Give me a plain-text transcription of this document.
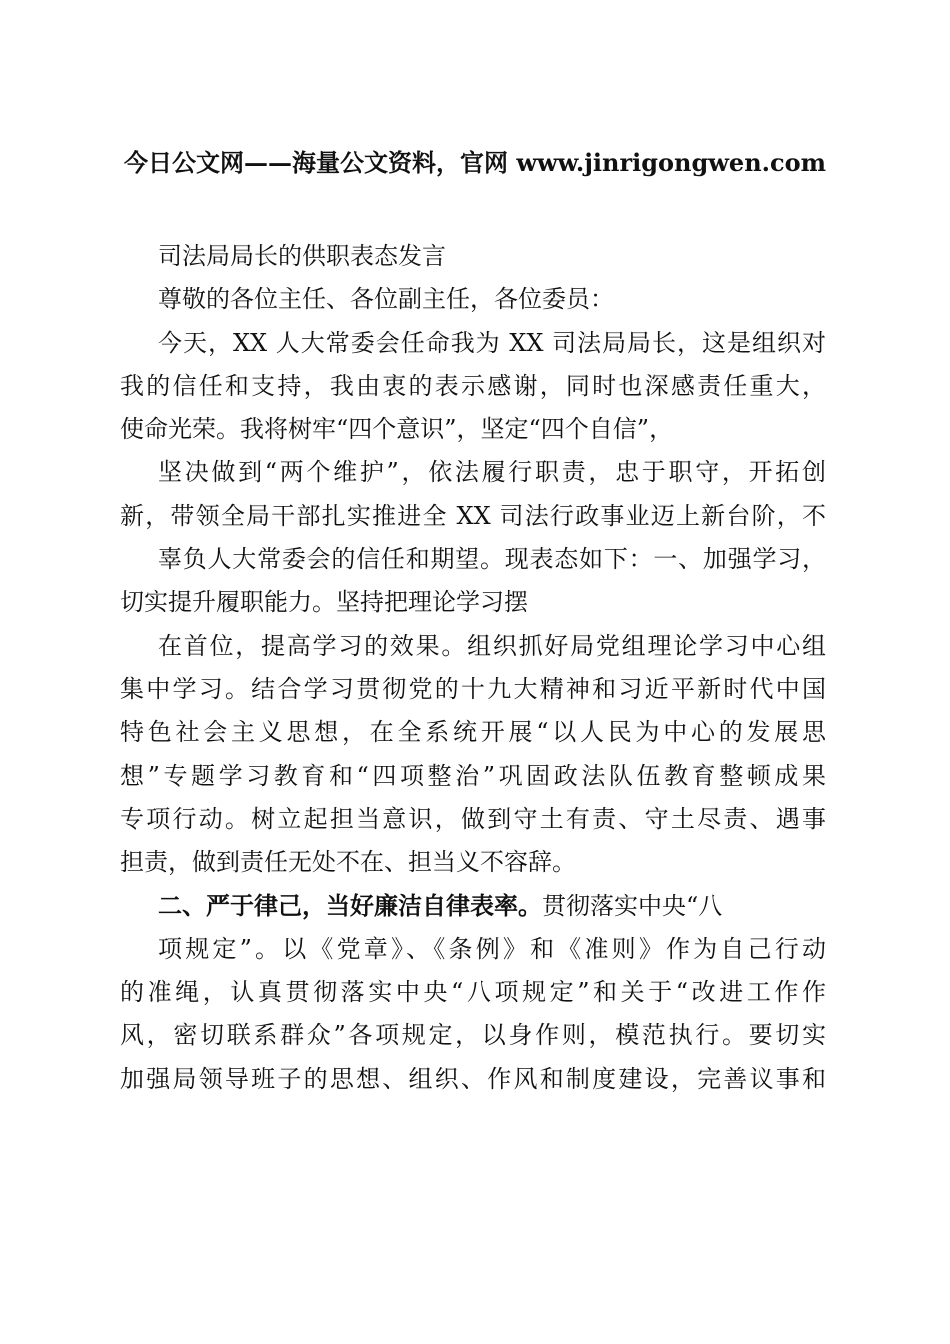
今日公文网——海量公文资料，官网 www.jinrigongwen.com
司法局局长的供职表态发言
尊敬的各位主任、各位副主任，各位委员：
今天，XX 人大常委会任命我为 XX 司法局局长，这是组织对
我的信任和支持，我由衷的表示感谢，同时也深感责任重大，
使命光荣。我将树牢“四个意识”，坚定“四个自信”，
坚决做到“两个维护”，依法履行职责，忠于职守，开拓创
新，带领全局干部扎实推进全 XX 司法行政事业迈上新台阶，不
辜负人大常委会的信任和期望。现表态如下：一、加强学习，
切实提升履职能力。坚持把理论学习摆
在首位，提高学习的效果。组织抓好局党组理论学习中心组
集中学习。结合学习贯彻党的十九大精神和习近平新时代中国
特色社会主义思想，在全系统开展“以人民为中心的发展思
想”专题学习教育和“四项整治”巩固政法队伍教育整顿成果
专项行动。树立起担当意识，做到守土有责、守土尽责、遇事
担责，做到责任无处不在、担当义不容辞。
二、严于律己，当好廉洁自律表率。贯彻落实中央“八
项规定”。以《党章》、《条例》和《准则》作为自己行动
的准绳，认真贯彻落实中央“八项规定”和关于“改进工作作
风，密切联系群众”各项规定，以身作则，模范执行。要切实
加强局领导班子的思想、组织、作风和制度建设，完善议事和
